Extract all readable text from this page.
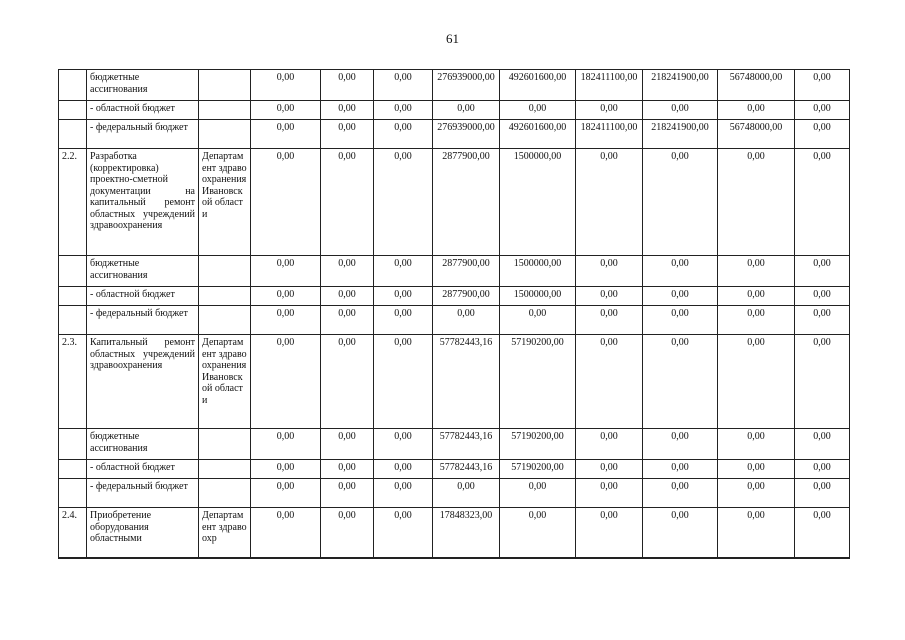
61
	бюджетные ассигнования		0,00	0,00	0,00	276939000,00	492601600,00	182411100,00	218241900,00	56748000,00	0,00
	- областной бюджет		0,00	0,00	0,00	0,00	0,00	0,00	0,00	0,00	0,00
	- федеральный бюджет		0,00	0,00	0,00	276939000,00	492601600,00	182411100,00	218241900,00	56748000,00	0,00
2.2.	Разработка (корректировка) проектно-сметной документации на капитальный ремонт областных учреждений здравоохранения	Департамент здравоохранения Ивановской области	0,00	0,00	0,00	2877900,00	1500000,00	0,00	0,00	0,00	0,00
	бюджетные ассигнования		0,00	0,00	0,00	2877900,00	1500000,00	0,00	0,00	0,00	0,00
	- областной бюджет		0,00	0,00	0,00	2877900,00	1500000,00	0,00	0,00	0,00	0,00
	- федеральный бюджет		0,00	0,00	0,00	0,00	0,00	0,00	0,00	0,00	0,00
2.3.	Капитальный ремонт областных учреждений здравоохранения	Департамент здравоохранения Ивановской области	0,00	0,00	0,00	57782443,16	57190200,00	0,00	0,00	0,00	0,00
	бюджетные ассигнования		0,00	0,00	0,00	57782443,16	57190200,00	0,00	0,00	0,00	0,00
	- областной бюджет		0,00	0,00	0,00	57782443,16	57190200,00	0,00	0,00	0,00	0,00
	- федеральный бюджет		0,00	0,00	0,00	0,00	0,00	0,00	0,00	0,00	0,00
2.4.	Приобретение оборудования областными	Департамент здравоохр	0,00	0,00	0,00	17848323,00	0,00	0,00	0,00	0,00	0,00
